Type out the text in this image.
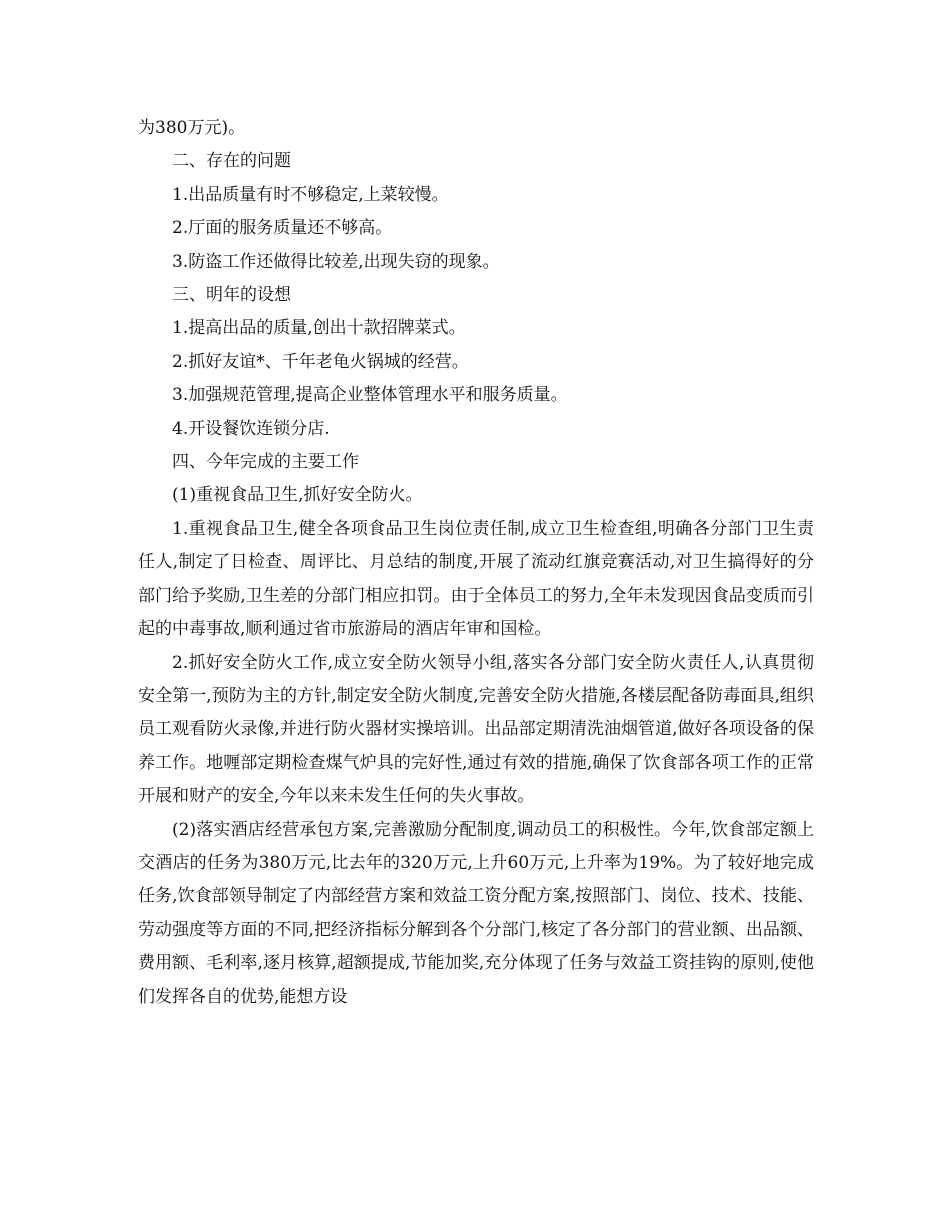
为380万元)。

二、存在的问题

1.出品质量有时不够稳定,上菜较慢。

2.厅面的服务质量还不够高。

3.防盗工作还做得比较差,出现失窃的现象。

三、明年的设想

1.提高出品的质量,创出十款招牌菜式。

2.抓好友谊*、千年老龟火锅城的经营。

3.加强规范管理,提高企业整体管理水平和服务质量。

4.开设餐饮连锁分店.

四、今年完成的主要工作

(1)重视食品卫生,抓好安全防火。

1.重视食品卫生,健全各项食品卫生岗位责任制,成立卫生检查组,明确各分部门卫生责任人,制定了日检查、周评比、月总结的制度,开展了流动红旗竞赛活动,对卫生搞得好的分部门给予奖励,卫生差的分部门相应扣罚。由于全体员工的努力,全年未发现因食品变质而引起的中毒事故,顺利通过省市旅游局的酒店年审和国检。

2.抓好安全防火工作,成立安全防火领导小组,落实各分部门安全防火责任人,认真贯彻安全第一,预防为主的方针,制定安全防火制度,完善安全防火措施,各楼层配备防毒面具,组织员工观看防火录像,并进行防火器材实操培训。出品部定期清洗油烟管道,做好各项设备的保养工作。地喱部定期检查煤气炉具的完好性,通过有效的措施,确保了饮食部各项工作的正常开展和财产的安全,今年以来未发生任何的失火事故。

(2)落实酒店经营承包方案,完善激励分配制度,调动员工的积极性。今年,饮食部定额上交酒店的任务为380万元,比去年的320万元,上升60万元,上升率为19%。为了较好地完成任务,饮食部领导制定了内部经营方案和效益工资分配方案,按照部门、岗位、技术、技能、劳动强度等方面的不同,把经济指标分解到各个分部门,核定了各分部门的营业额、出品额、费用额、毛利率,逐月核算,超额提成,节能加奖,充分体现了任务与效益工资挂钩的原则,使他们发挥各自的优势,能想方设
